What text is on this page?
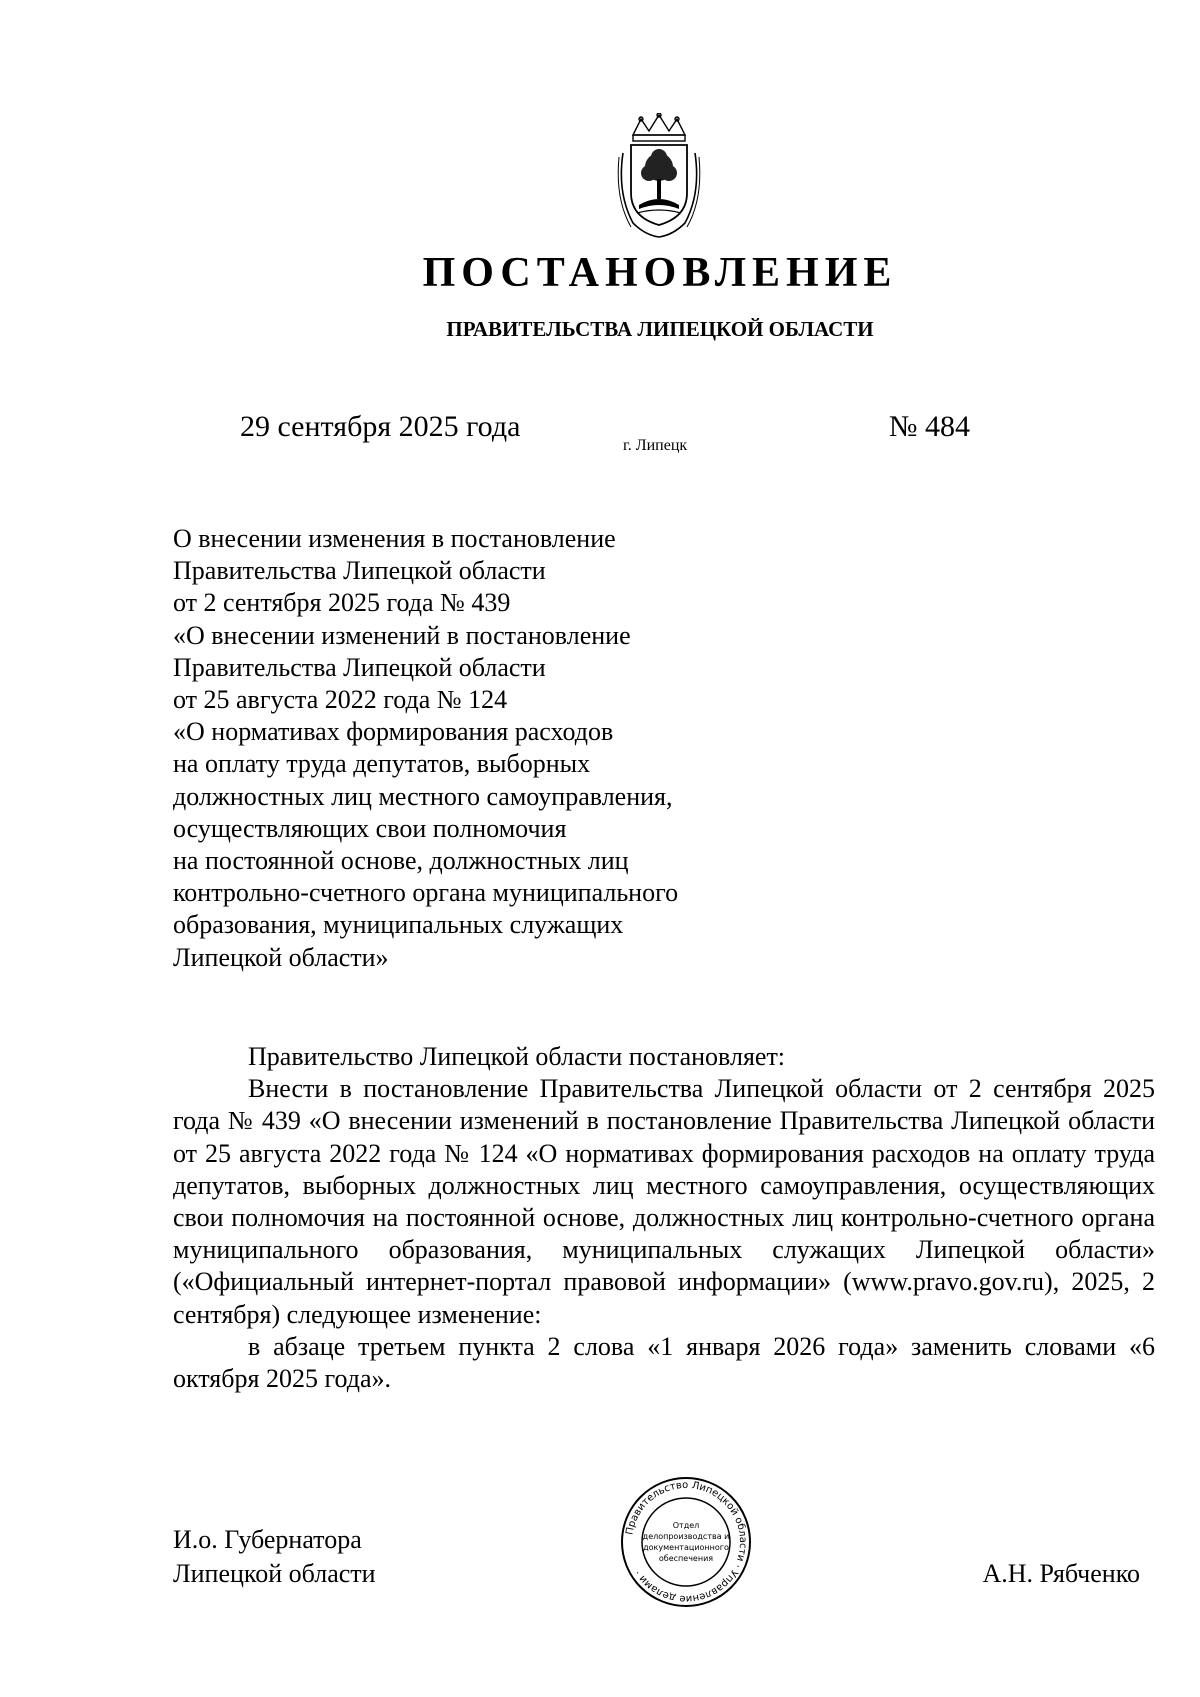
ПОСТАНОВЛЕНИЕ
ПРАВИТЕЛЬСТВА ЛИПЕЦКОЙ ОБЛАСТИ
29 сентября 2025 года
г. Липецк
№ 484
О внесении изменения в постановление
Правительства Липецкой области
от 2 сентября 2025 года № 439
«О внесении изменений в постановление
Правительства Липецкой области
от 25 августа 2022 года № 124
«О нормативах формирования расходов
на оплату труда депутатов, выборных
должностных лиц местного самоуправления,
осуществляющих свои полномочия
на постоянной основе, должностных лиц
контрольно-счетного органа муниципального
образования, муниципальных служащих
Липецкой области»

Правительство Липецкой области постановляет:

Внести в постановление Правительства Липецкой области от 2 сентября 2025 года № 439 «О внесении изменений в постановление Правительства Липецкой области от 25 августа 2022 года № 124 «О нормативах формирования расходов на оплату труда депутатов, выборных должностных лиц местного самоуправления, осуществляющих свои полномочия на постоянной основе, должностных лиц контрольно-счетного органа муниципального образования, муниципальных служащих Липецкой области» («Официальный интернет-портал правовой информации» (www.pravo.gov.ru), 2025, 2 сентября) следующее изменение:

в абзаце третьем пункта 2 слова «1 января 2026 года» заменить словами «6 октября 2025 года».

И.о. Губернатора
Липецкой области
Правительство Липецкой области · Управление делами ·
Отдел
делопроизводства и
документационного
обеспечения
А.Н. Рябченко
